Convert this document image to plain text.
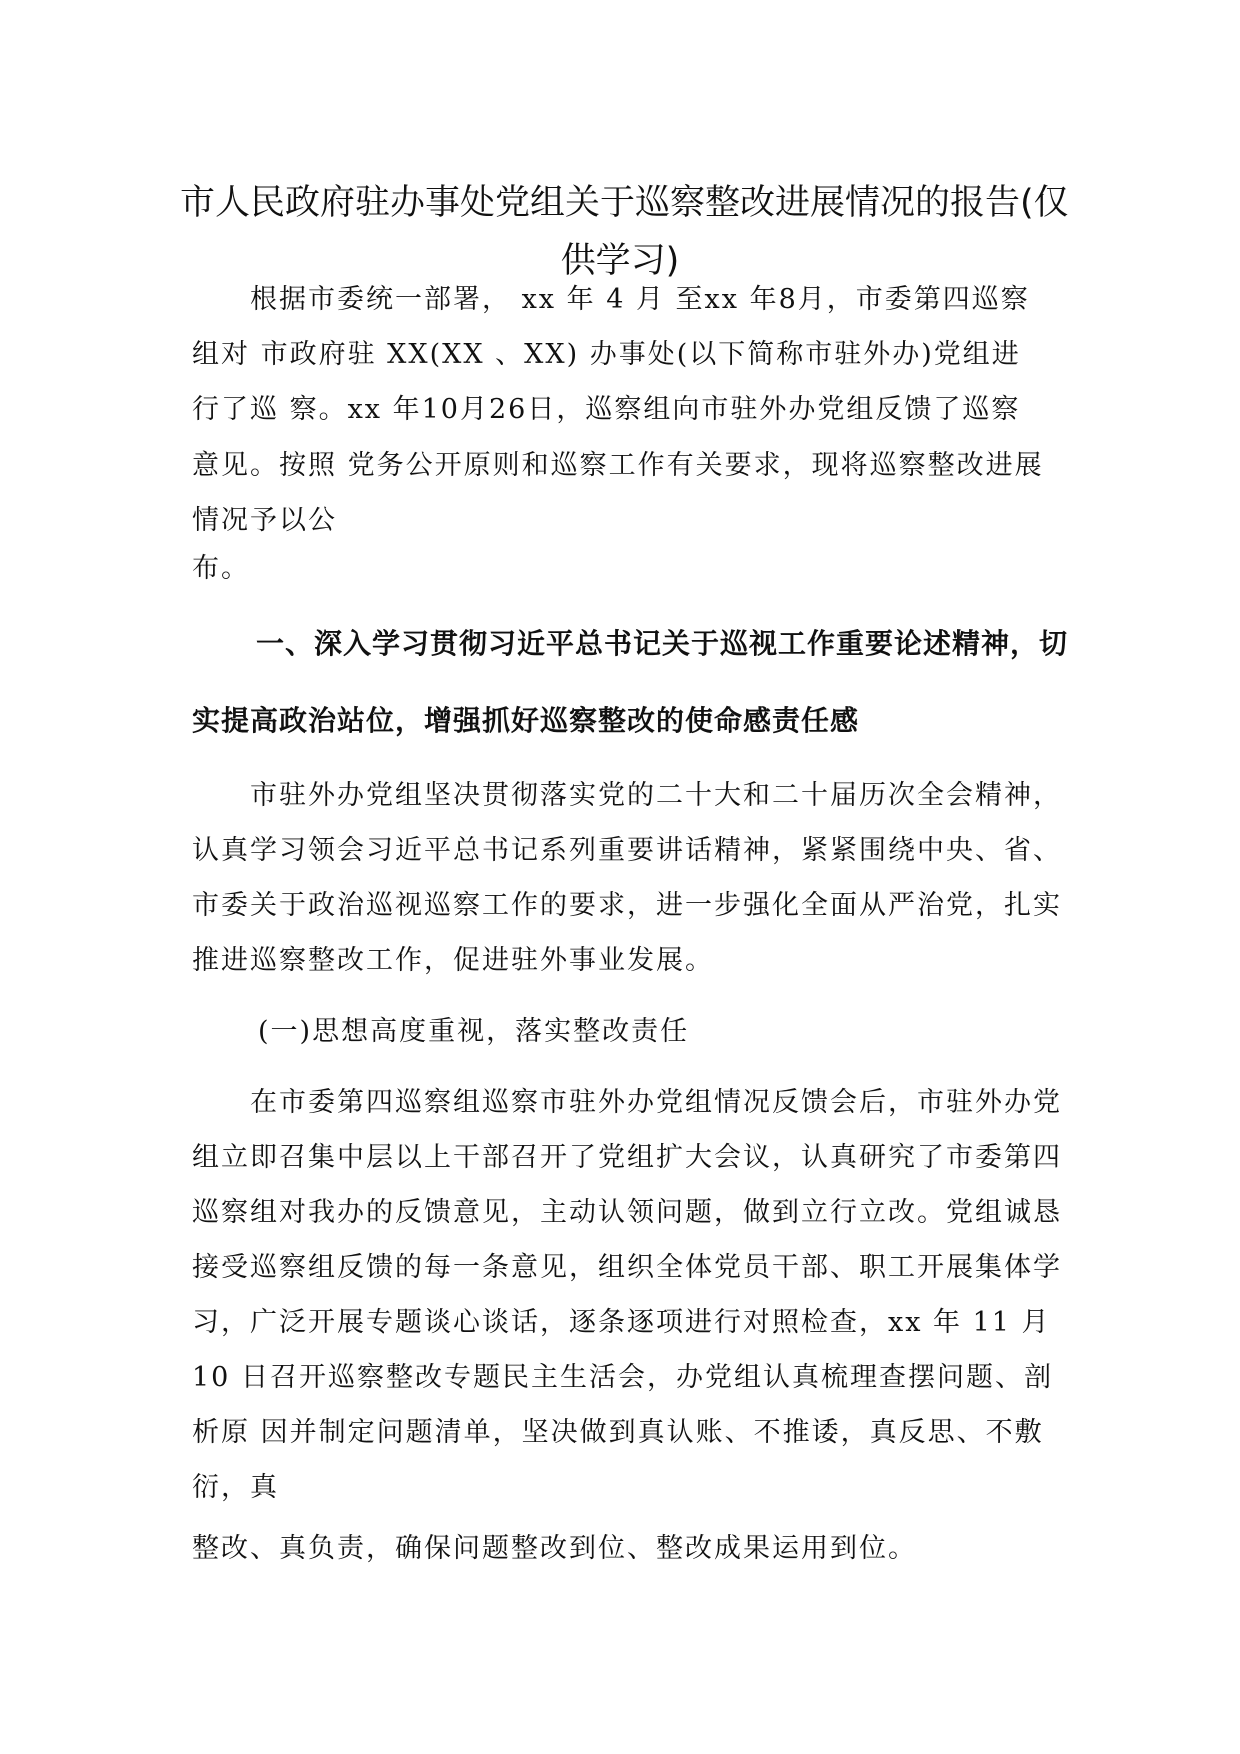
市人民政府驻办事处党组关于巡察整改进展情况的报告(仅
供学习)
根据市委统一部署， xx 年 4 月 至xx 年8月，市委第四巡察
组对 市政府驻 XX(XX 、XX) 办事处(以下简称市驻外办)党组进
行了巡 察。xx 年10月26日，巡察组向市驻外办党组反馈了巡察
意见。按照 党务公开原则和巡察工作有关要求，现将巡察整改进展
情况予以公
布。
一、深入学习贯彻习近平总书记关于巡视工作重要论述精神，切
实提高政治站位，增强抓好巡察整改的使命感责任感
市驻外办党组坚决贯彻落实党的二十大和二十届历次全会精神，
认真学习领会习近平总书记系列重要讲话精神，紧紧围绕中央、省、
市委关于政治巡视巡察工作的要求，进一步强化全面从严治党，扎实
推进巡察整改工作，促进驻外事业发展。
(一)思想高度重视，落实整改责任
在市委第四巡察组巡察市驻外办党组情况反馈会后，市驻外办党
组立即召集中层以上干部召开了党组扩大会议，认真研究了市委第四
巡察组对我办的反馈意见，主动认领问题，做到立行立改。党组诚恳
接受巡察组反馈的每一条意见，组织全体党员干部、职工开展集体学
习，广泛开展专题谈心谈话，逐条逐项进行对照检查，xx 年 11 月
10 日召开巡察整改专题民主生活会，办党组认真梳理查摆问题、剖
析原 因并制定问题清单，坚决做到真认账、不推诿，真反思、不敷
衍，真
整改、真负责，确保问题整改到位、整改成果运用到位。
